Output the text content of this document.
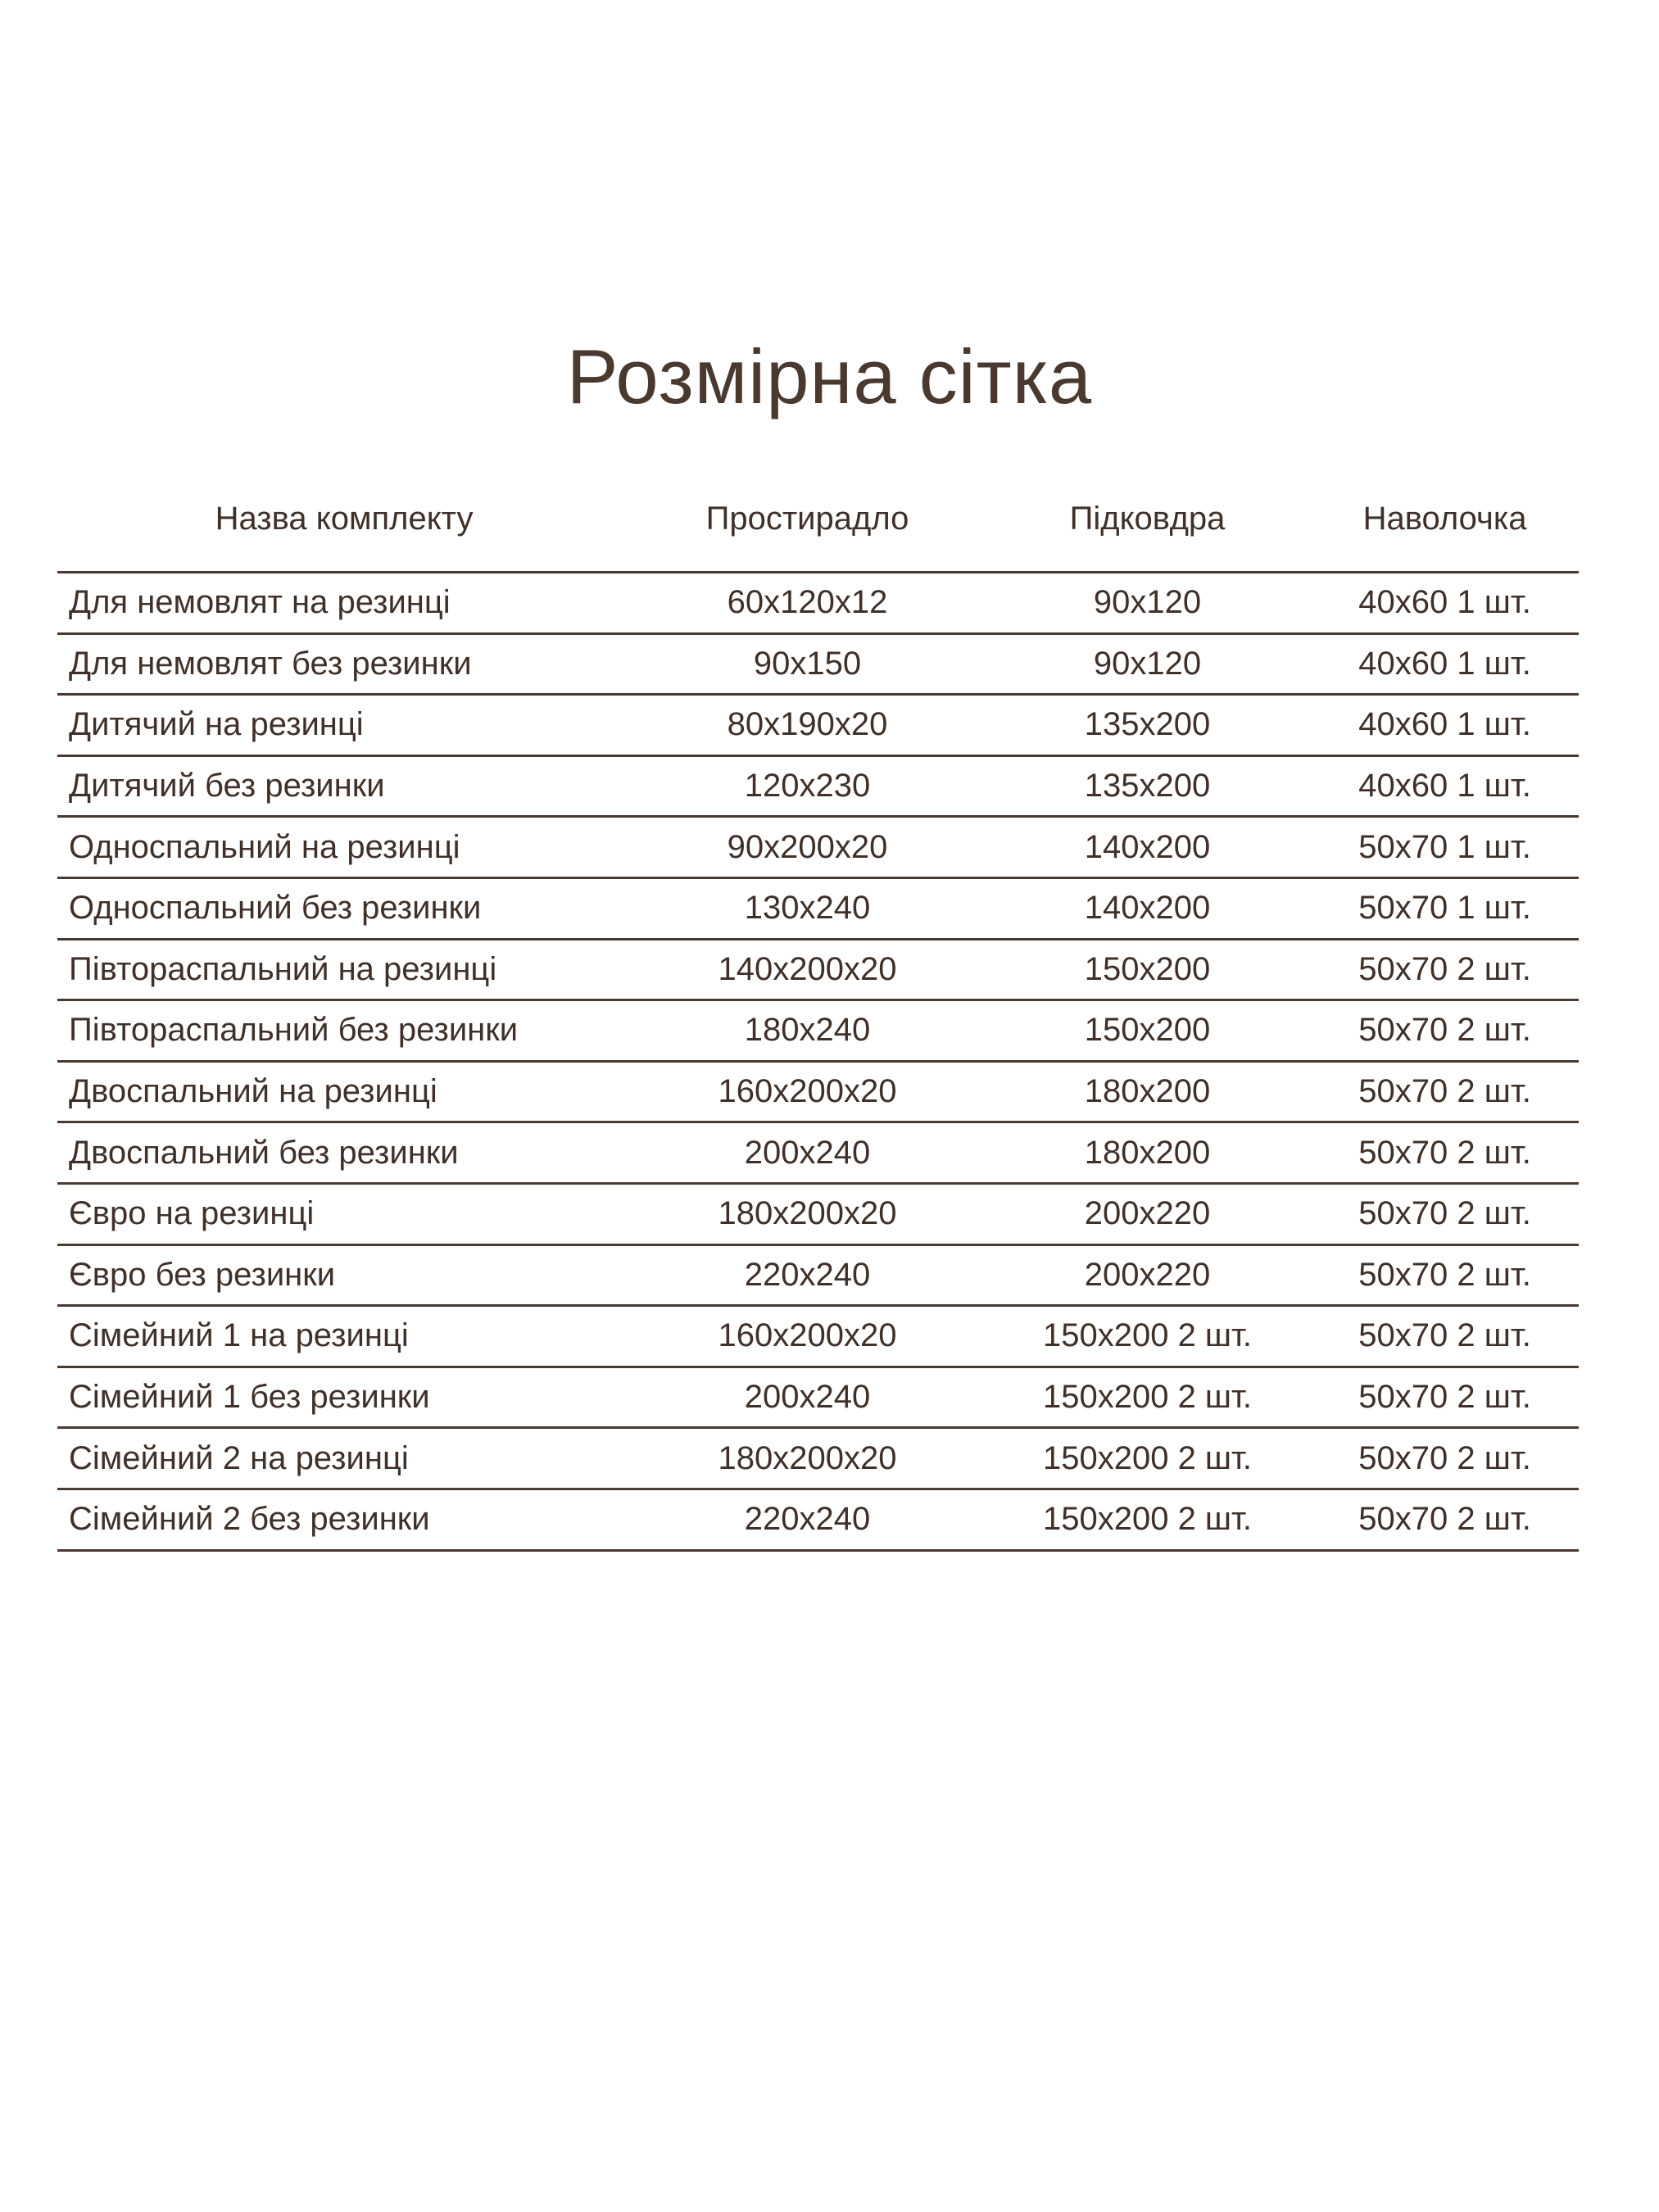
Розмірна сітка
Назва комплекту	Простирадло	Підковдра	Наволочка
Для немовлят на резинці	60х120х12	90х120	40х60 1 шт.
Для немовлят без резинки	90х150	90х120	40х60 1 шт.
Дитячий на резинці	80х190х20	135х200	40х60 1 шт.
Дитячий без резинки	120х230	135х200	40х60 1 шт.
Односпальний на резинці	90х200х20	140х200	50х70 1 шт.
Односпальний без резинки	130х240	140х200	50х70 1 шт.
Півтораспальний на резинці	140х200х20	150х200	50х70 2 шт.
Півтораспальний без резинки	180х240	150х200	50х70 2 шт.
Двоспальний на резинці	160х200х20	180х200	50х70 2 шт.
Двоспальний без резинки	200х240	180х200	50х70 2 шт.
Євро на резинці	180х200х20	200х220	50х70 2 шт.
Євро без резинки	220х240	200х220	50х70 2 шт.
Сімейний 1 на резинці	160х200х20	150х200 2 шт.	50х70 2 шт.
Сімейний 1 без резинки	200х240	150х200 2 шт.	50х70 2 шт.
Сімейний 2 на резинці	180х200х20	150х200 2 шт.	50х70 2 шт.
Сімейний 2 без резинки	220х240	150х200 2 шт.	50х70 2 шт.
